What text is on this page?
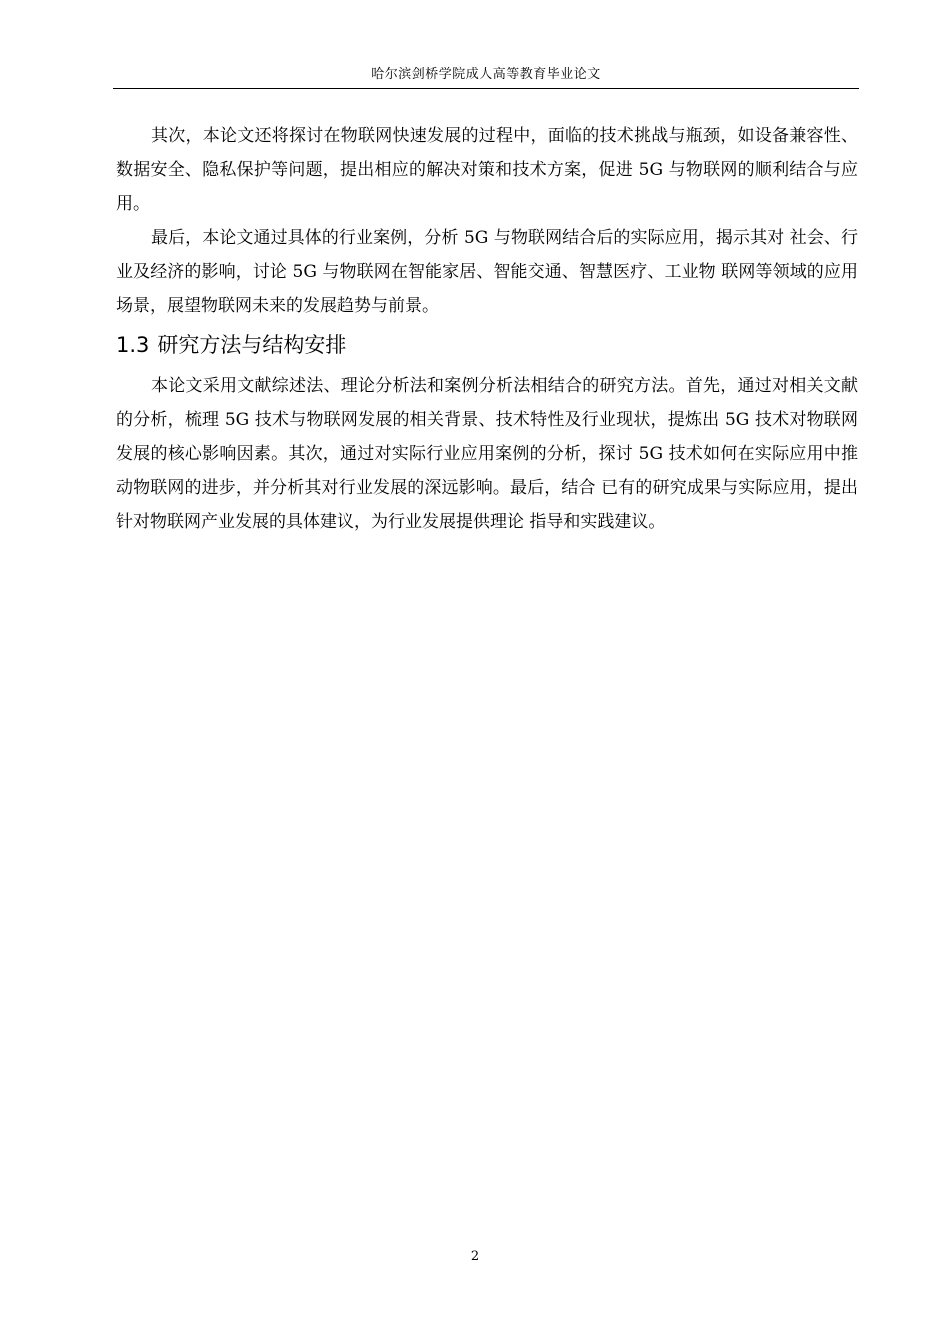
哈尔滨剑桥学院成人高等教育毕业论文

其次，本论文还将探讨在物联网快速发展的过程中，面临的技术挑战与瓶颈，如设备兼容性、数据安全、隐私保护等问题，提出相应的解决对策和技术方案，促进 5G 与物联网的顺利结合与应用。

最后，本论文通过具体的行业案例，分析 5G 与物联网结合后的实际应用，揭示其对 社会、行业及经济的影响，讨论 5G 与物联网在智能家居、智能交通、智慧医疗、工业物 联网等领域的应用场景，展望物联网未来的发展趋势与前景。

1.3 研究方法与结构安排

本论文采用文献综述法、理论分析法和案例分析法相结合的研究方法。首先，通过对相关文献的分析，梳理 5G 技术与物联网发展的相关背景、技术特性及行业现状，提炼出 5G 技术对物联网发展的核心影响因素。其次，通过对实际行业应用案例的分析，探讨 5G 技术如何在实际应用中推动物联网的进步，并分析其对行业发展的深远影响。最后，结合 已有的研究成果与实际应用，提出针对物联网产业发展的具体建议，为行业发展提供理论 指导和实践建议。

2
